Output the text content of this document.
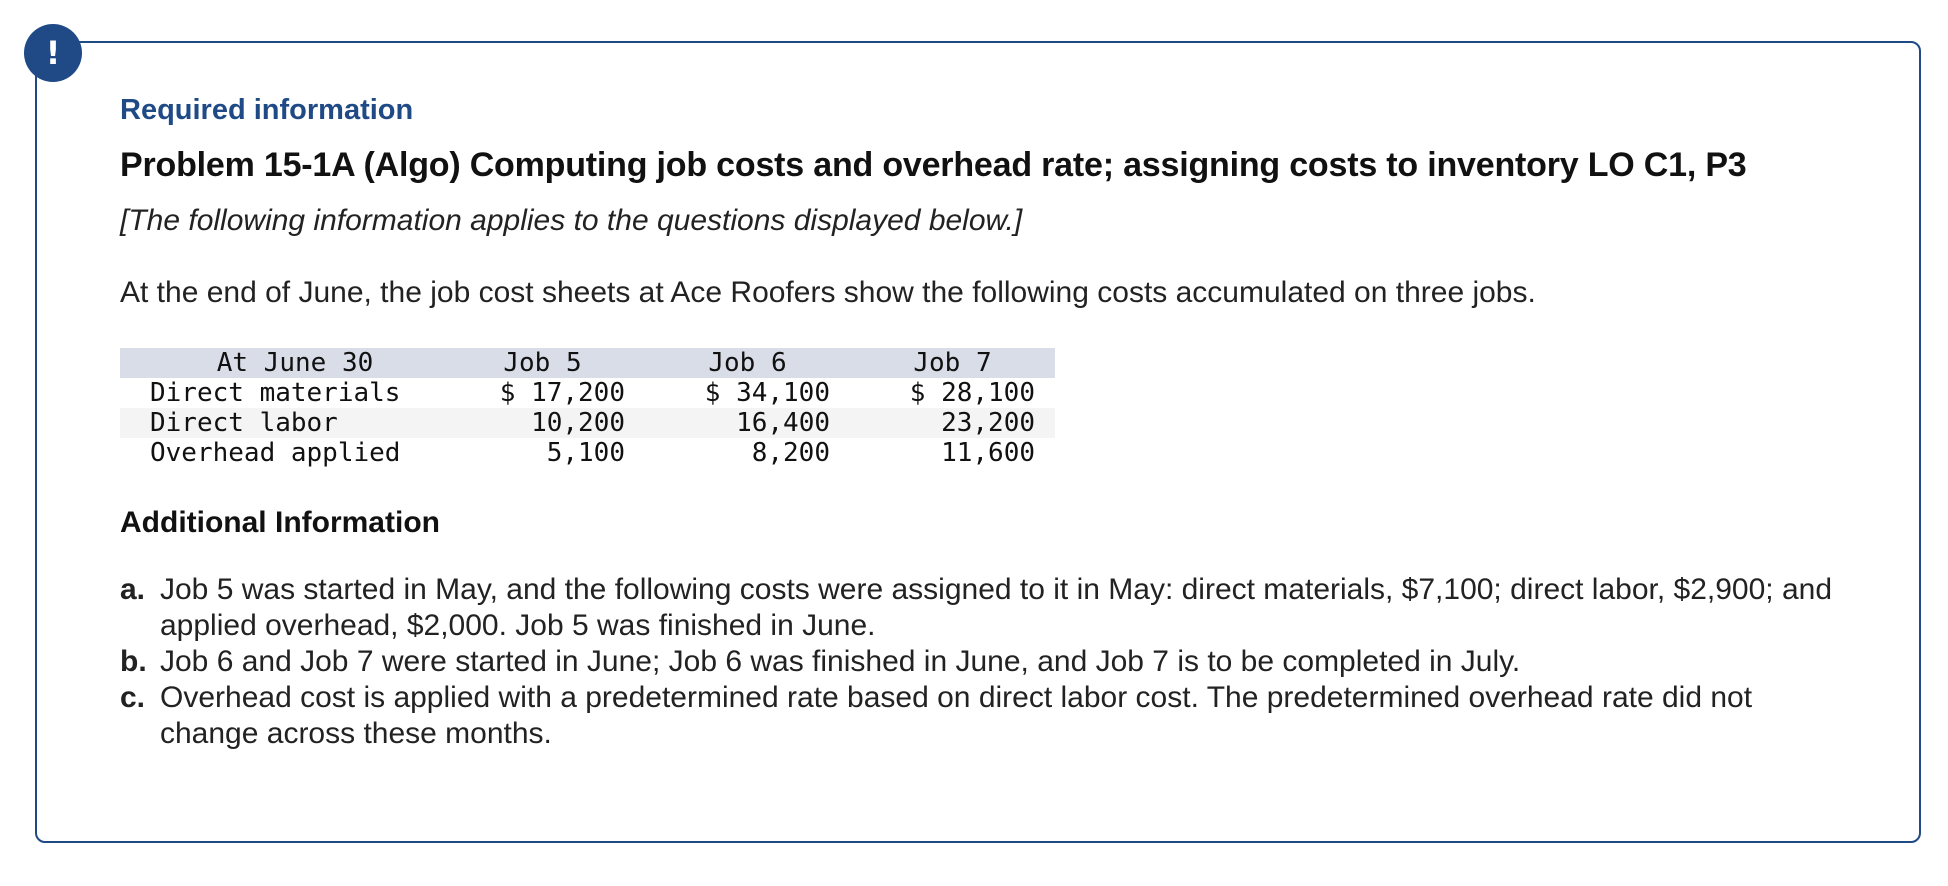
!

Required information

Problem 15-1A (Algo) Computing job costs and overhead rate; assigning costs to inventory LO C1, P3

[The following information applies to the questions displayed below.]

At the end of June, the job cost sheets at Ace Roofers show the following costs accumulated on three jobs.

At June 30	Job 5	Job 6	Job 7
Direct materials	$ 17,200	$ 34,100	$ 28,100
Direct labor	10,200	16,400	23,200
Overhead applied	5,100	8,200	11,600

Additional Information

a. Job 5 was started in May, and the following costs were assigned to it in May: direct materials, $7,100; direct labor, $2,900; and applied overhead, $2,000. Job 5 was finished in June.
b. Job 6 and Job 7 were started in June; Job 6 was finished in June, and Job 7 is to be completed in July.
c. Overhead cost is applied with a predetermined rate based on direct labor cost. The predetermined overhead rate did not change across these months.
